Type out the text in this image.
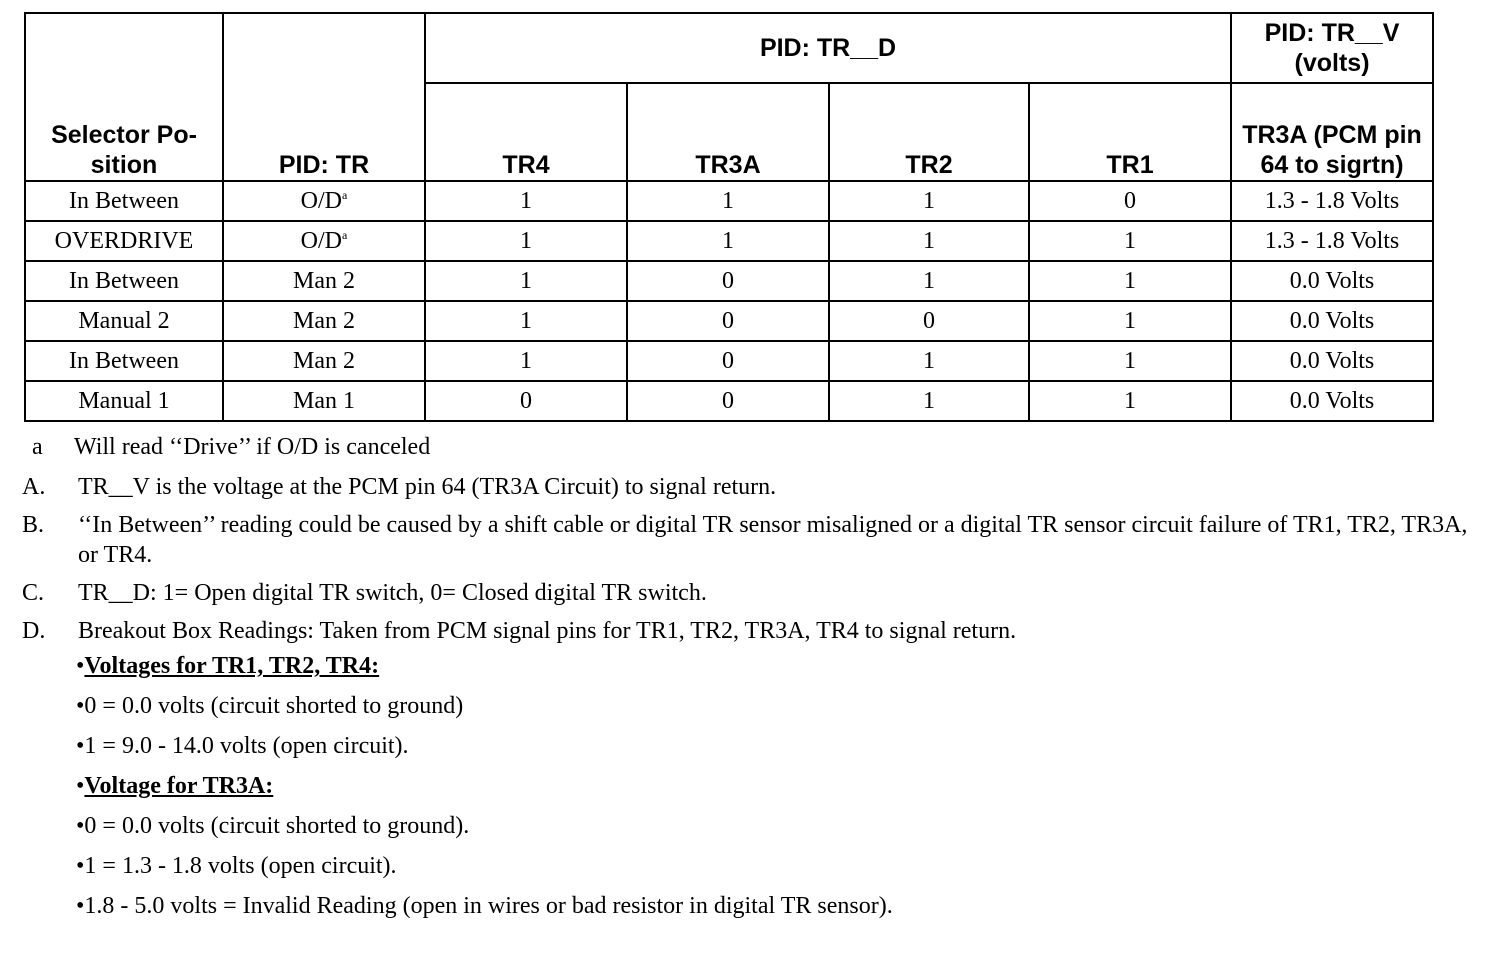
Selector Po-sition	PID: TR	PID: TR__D				PID: TR__V (volts)
		TR4	TR3A	TR2	TR1	TR3A (PCM pin 64 to sigrtn)
In Between	O/D$^a$	1	1	1	0	1.3 - 1.8 Volts
OVERDRIVE	O/D$^a$	1	1	1	1	1.3 - 1.8 Volts
In Between	Man 2	1	0	1	1	0.0 Volts
Manual 2	Man 2	1	0	0	1	0.0 Volts
In Between	Man 2	1	0	1	1	0.0 Volts
Manual 1	Man 1	0	0	1	1	0.0 Volts
a Will read ‘‘Drive’’ if O/D is canceled
A. TR__V is the voltage at the PCM pin 64 (TR3A Circuit) to signal return.
B. ‘‘In Between’’ reading could be caused by a shift cable or digital TR sensor misaligned or a digital TR sensor circuit failure of TR1, TR2, TR3A, or TR4.
C. TR__D: 1= Open digital TR switch, 0= Closed digital TR switch.
D. Breakout Box Readings: Taken from PCM signal pins for TR1, TR2, TR3A, TR4 to signal return.
•Voltages for TR1, TR2, TR4:
•0 = 0.0 volts (circuit shorted to ground)
•1 = 9.0 - 14.0 volts (open circuit).
•Voltage for TR3A:
•0 = 0.0 volts (circuit shorted to ground).
•1 = 1.3 - 1.8 volts (open circuit).
•1.8 - 5.0 volts = Invalid Reading (open in wires or bad resistor in digital TR sensor).
